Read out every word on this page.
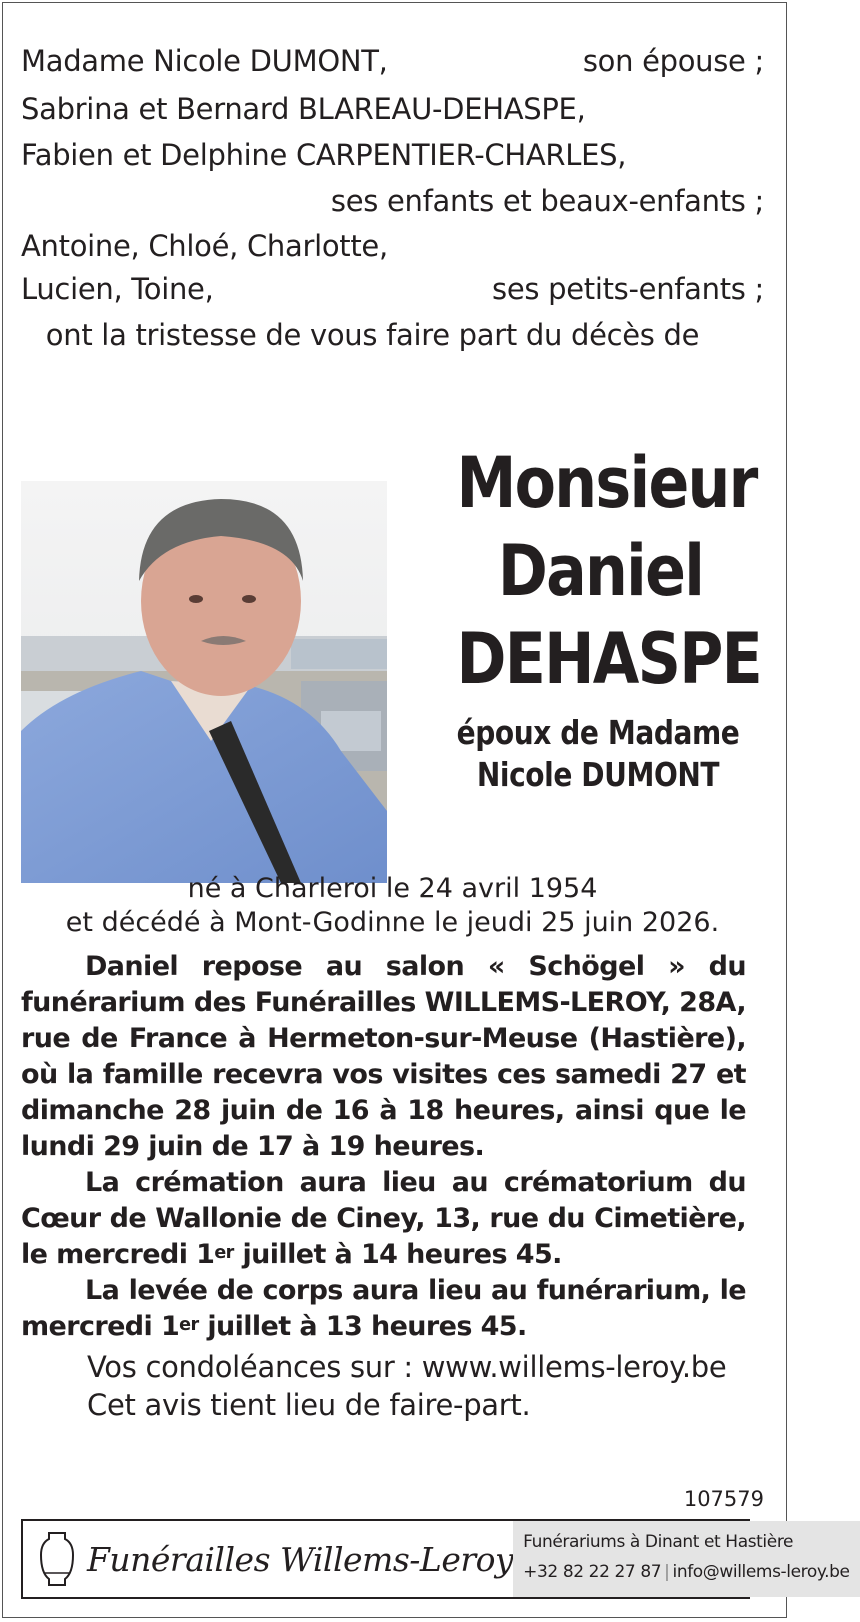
Madame Nicole DUMONT,	son épouse ;
Sabrina et Bernard BLAREAU-DEHASPE,
Fabien et Delphine CARPENTIER-CHARLES,
ses enfants et beaux-enfants ;
Antoine, Chloé, Charlotte,
Lucien, Toine,	ses petits-enfants ;
ont la tristesse de vous faire part du décès de
Monsieur
Daniel
DEHASPE
époux de Madame
Nicole DUMONT
né à Charleroi le 24 avril 1954
et décédé à Mont-Godinne le jeudi 25 juin 2026.
Daniel repose au salon « Schögel » du funérarium des Funérailles WILLEMS-LEROY, 28A, rue de France à Hermeton-sur-Meuse (Hastière), où la famille recevra vos visites ces samedi 27 et dimanche 28 juin de 16 à 18 heures, ainsi que le lundi 29 juin de 17 à 19 heures.
La crémation aura lieu au crématorium du Cœur de Wallonie de Ciney, 13, rue du Cimetière, le mercredi 1er juillet à 14 heures 45.
La levée de corps aura lieu au funérarium, le mercredi 1er juillet à 13 heures 45.
Vos condoléances sur : www.willems-leroy.be
Cet avis tient lieu de faire-part.
107579
Funérailles Willems-Leroy Funérariums à Dinant et Hastière
+32 82 22 27 87 | info@willems-leroy.be
